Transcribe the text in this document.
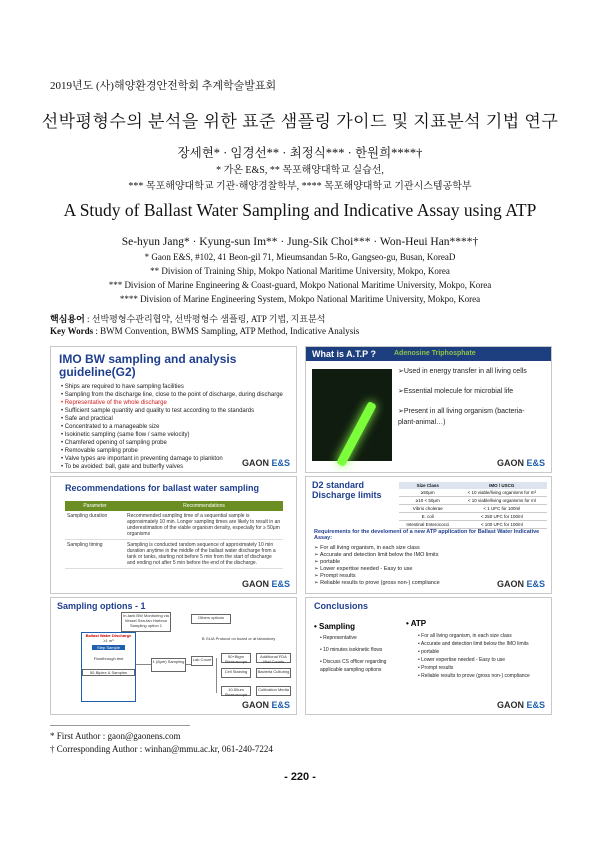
2019년도 (사)해양환경안전학회 추계학술발표회
선박평형수의 분석을 위한 표준 샘플링 가이드 및 지표분석 기법 연구
장세현* · 임경선** · 최정식*** · 한원희****†
* 가온 E&S, ** 목포해양대학교 실습선,
*** 목포해양대학교 기관·해양경찰학부, **** 목포해양대학교 기관시스템공학부
A Study of Ballast Water Sampling and Indicative Assay using ATP
Se-hyun Jang* · Kyung-sun Im** · Jung-Sik Choi*** · Won-Heui Han****†
* Gaon E&S, #102, 41 Beon-gil 71, Mieumsandan 5-Ro, Gangseo-gu, Busan, KoreaD
** Division of Training Ship, Mokpo National Maritime University, Mokpo, Korea
*** Division of Marine Engineering & Coast-guard, Mokpo National Maritime University, Mokpo, Korea
**** Division of Marine Engineering System, Mokpo National Maritime University, Mokpo, Korea
핵심용어 : 선박평형수관리협약, 선박평형수 샘플링, ATP 기법, 지표분석
Key Words : BWM Convention, BWMS Sampling, ATP Method, Indicative Analysis
IMO BW sampling and analysis guideline(G2)
• Ships are required to have sampling facilities
• Sampling from the discharge line, close to the point of discharge, during discharge
• Representative of the whole discharge
• Sufficient sample quantity and quality to test according to the standards
• Safe and practical
• Concentrated to a manageable size
• Isokinetic sampling (same flow / same velocity)
• Chamfered opening of sampling probe
• Removable sampling probe
• Valve types are important in preventing damage to plankton
• To be avoided: ball, gate and butterfly valves	GAON E&S
What is A.T.P ?	Adenosine Triphosphate
➢Used in energy transfer in all living cells
➢Essential molecule for microbial life
➢Present in all living organism (bacteria-
plant-animal…)
GAON E&S
Recommendations for ballast water sampling
Parameter	Recommendations
Sampling duration	Recommended sampling time of a sequential sample is approximately 10 min. Longer sampling times are likely to result in an underestimation of the viable organism density, especially for ≥ 50μm organisms
Sampling timing	Sampling is conducted random sequence of approximately 10 min duration anytime in the middle of the ballast water discharge from a tank or tanks, starting not before 5 min from the start of discharge and ending not after 5 min before the end of the discharge.
GAON E&S
D2 standard Discharge limits
Size Class	IMO / USCG
≥50μm	< 10 viable/living organisms for m³
≥10 < 50μm	< 10 viable/living organisms for ml
Vibrio cholerae	< 1 UFC for 100ml
E. coli	< 250 UFC for 100ml
Intestinal Enterococci	< 100 UFC for 100ml
Requirements for the develoment of a new ATP application for Ballast Water Indicative Assay:
➢ For all living organism, in each size class
➢ Accurate and detection limit below the IMO limits
➢ portable
➢ Lower expertise needed - Easy to use
➢ Prompt results
➢ Reliable results to prove (gross non-) compliance	GAON E&S
Sampling options - 1
In-tank BW Monitoring via Vessel Sea-fan Harbour Sampling option 1
Others options
Ballast Water Discharge
≥1 m³
Step Sample
Flowthrough test
50-Biplex & Samples
1 (8μm) Sampling
B GLIA Protocol on board or at laboratory
Lab Count
50+Bigm Stereoscope
Additional FDA Vital Counts
Cell Staining	Bacteria Culturing
10-50um Stereoscope
Cultivation Media
GAON E&S
Conclusions
• Sampling
• Representative
• 10 minutes isokinetic flows
• Discuss CS officer regarding
applicable sampling options
• ATP
• For all living organism, in each size class
• Accurate and detection limit below the IMO limits
• portable
• Lower expertise needed - Easy to use
• Prompt results
• Reliable results to prove (gross non-) compliance
GAON E&S
* First Author : gaon@gaonens.com
† Corresponding Author : winhan@mmu.ac.kr, 061-240-7224
- 220 -
